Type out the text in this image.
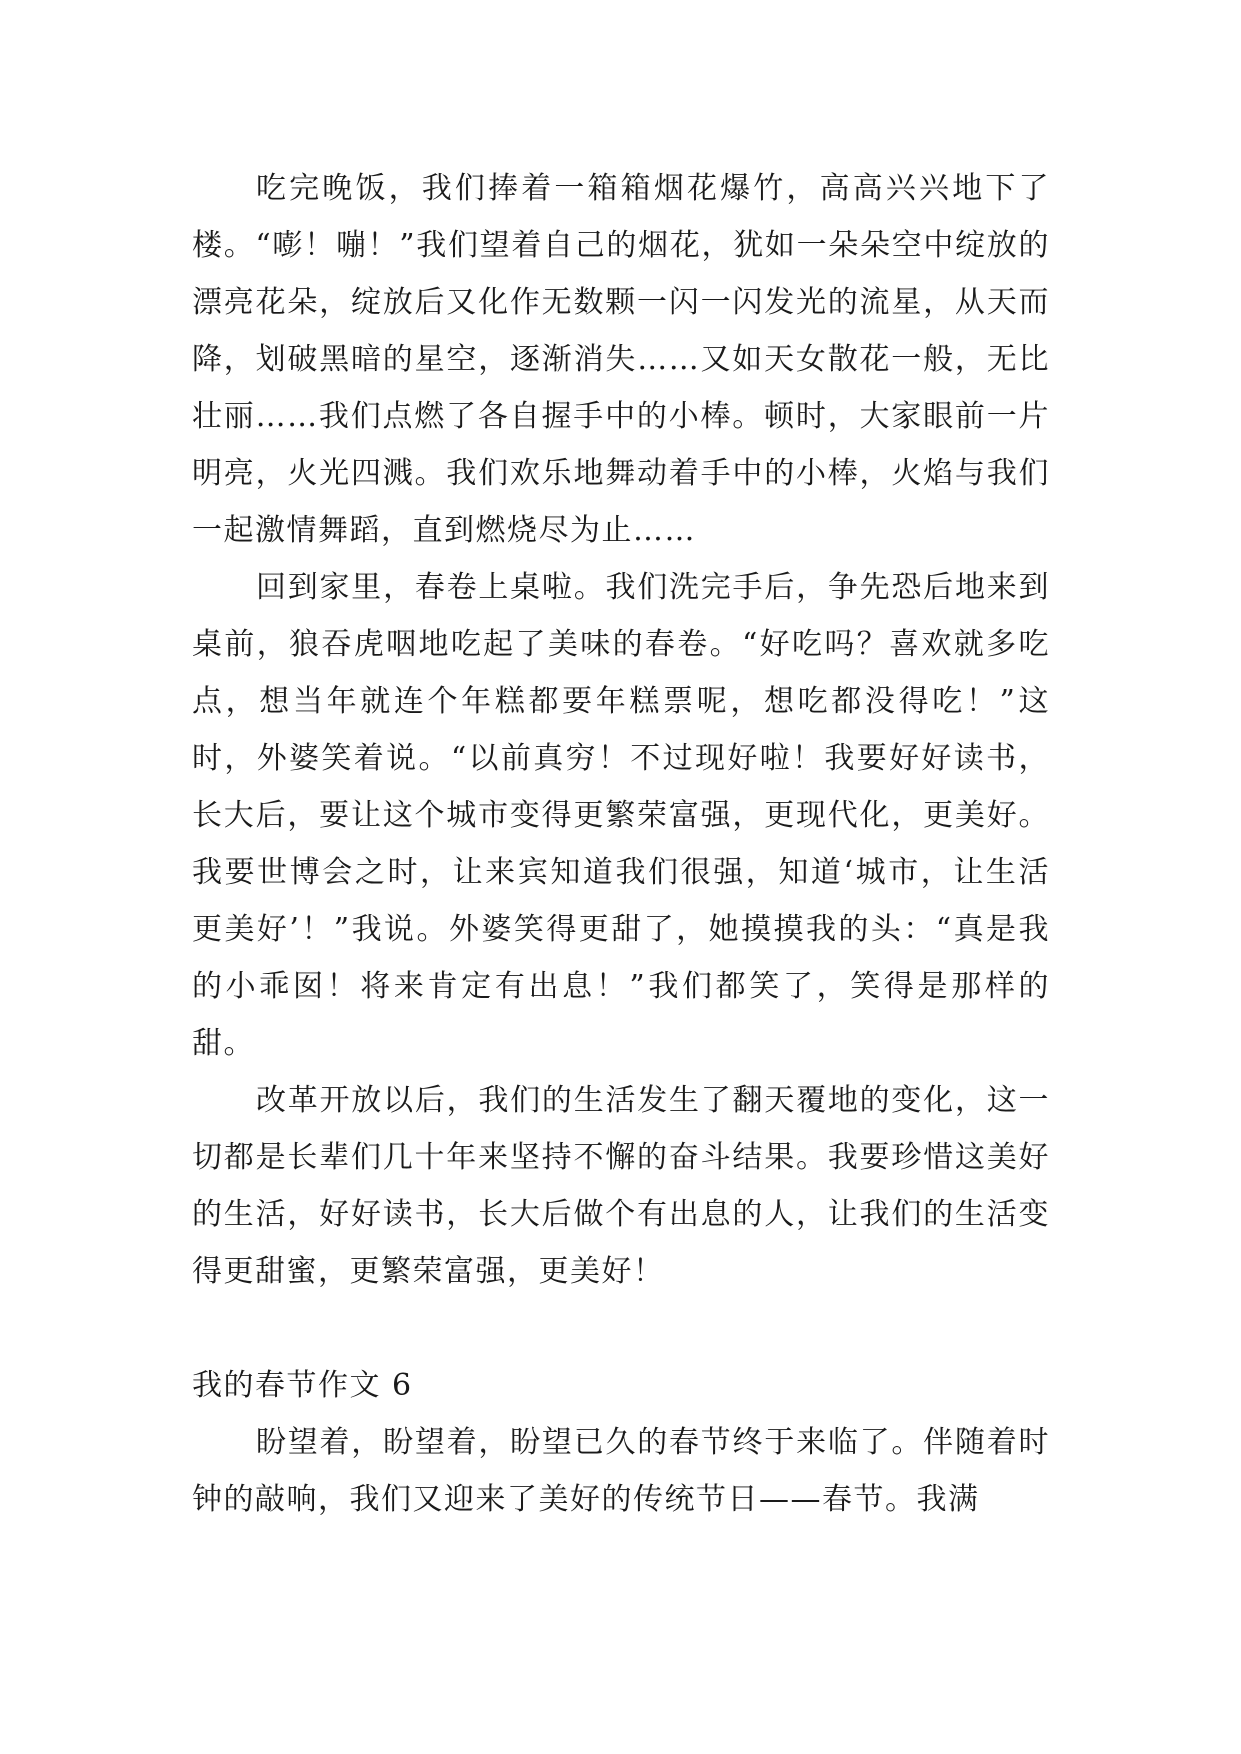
吃完晚饭，我们捧着一箱箱烟花爆竹，高高兴兴地下了楼。“嘭！嘣！”我们望着自己的烟花，犹如一朵朵空中绽放的漂亮花朵，绽放后又化作无数颗一闪一闪发光的流星，从天而降，划破黑暗的星空，逐渐消失……又如天女散花一般，无比壮丽……我们点燃了各自握手中的小棒。顿时，大家眼前一片明亮，火光四溅。我们欢乐地舞动着手中的小棒，火焰与我们一起激情舞蹈，直到燃烧尽为止……

回到家里，春卷上桌啦。我们洗完手后，争先恐后地来到桌前，狼吞虎咽地吃起了美味的春卷。“好吃吗？喜欢就多吃点，想当年就连个年糕都要年糕票呢，想吃都没得吃！”这时，外婆笑着说。“以前真穷！不过现好啦！我要好好读书，长大后，要让这个城市变得更繁荣富强，更现代化，更美好。我要世博会之时，让来宾知道我们很强，知道‘城市，让生活更美好’！”我说。外婆笑得更甜了，她摸摸我的头：“真是我的小乖囡！将来肯定有出息！”我们都笑了，笑得是那样的甜。

改革开放以后，我们的生活发生了翻天覆地的变化，这一切都是长辈们几十年来坚持不懈的奋斗结果。我要珍惜这美好的生活，好好读书，长大后做个有出息的人，让我们的生活变得更甜蜜，更繁荣富强，更美好！

我的春节作文 6

盼望着，盼望着，盼望已久的春节终于来临了。伴随着时钟的敲响，我们又迎来了美好的传统节日——春节。我满
